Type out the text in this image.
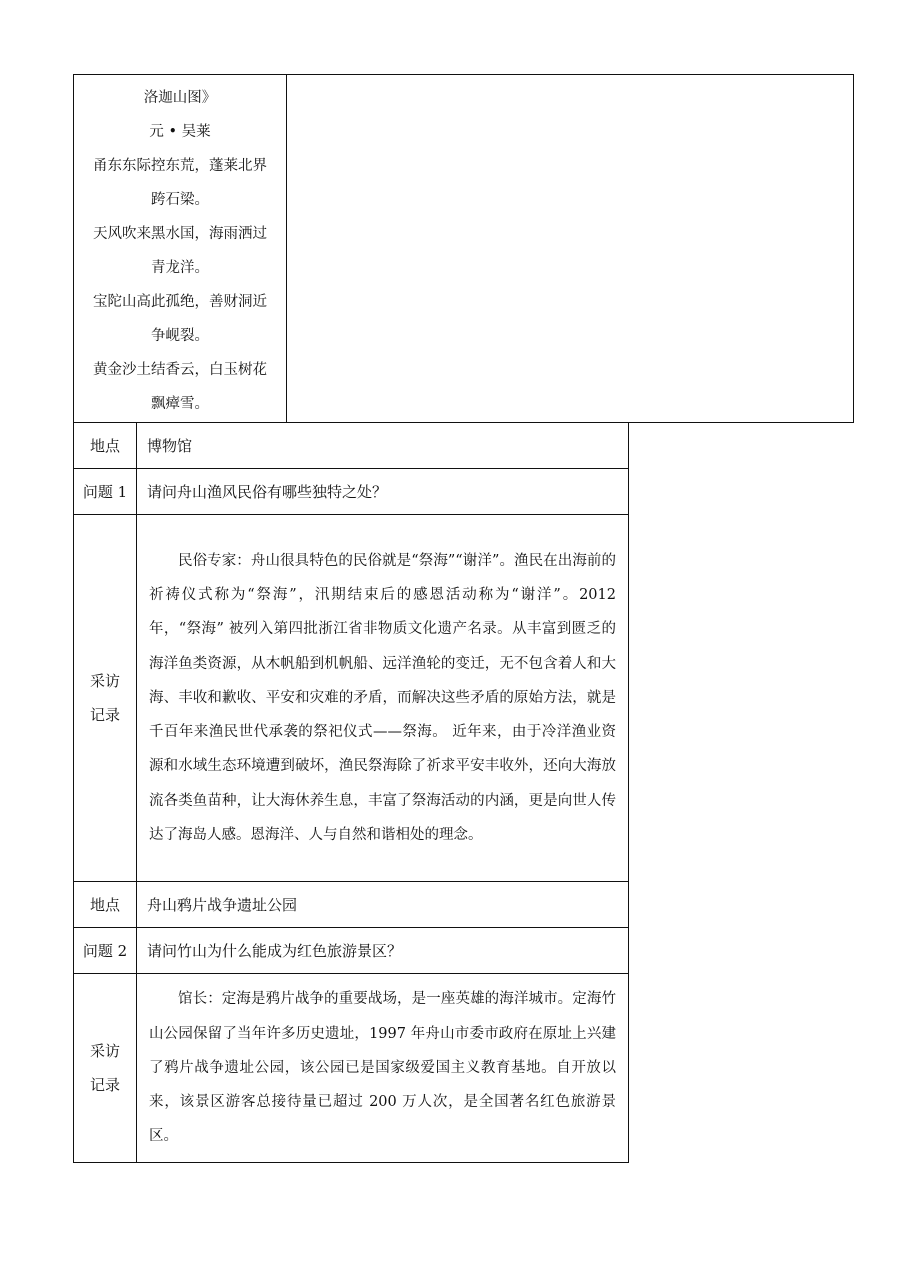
洛迦山图》
元 • 吴莱
甬东东际控东荒，蓬莱北界
跨石梁。
天风吹来黑水国，海雨洒过
青龙洋。
宝陀山高此孤绝，善财洞近
争岘裂。
黄金沙土结香云，白玉树花
飘瘴雪。
地点	博物馆
问题 1	请问舟山渔风民俗有哪些独特之处？

采访
记录	民俗专家：舟山很具特色的民俗就是“祭海”“谢洋”。渔民在出海前的祈祷仪式称为“祭海”，汛期结束后的感恩活动称为“谢洋”。2012 年，“祭海” 被列入第四批浙江省非物质文化遗产名录。从丰富到匮乏的海洋鱼类资源，从木帆船到机帆船、远洋渔轮的变迁，无不包含着人和大海、丰收和歉收、平安和灾难的矛盾，而解决这些矛盾的原始方法，就是千百年来渔民世代承袭的祭祀仪式——祭海。 近年来，由于冷洋渔业资源和水域生态环境遭到破坏，渔民祭海除了祈求平安丰收外，还向大海放流各类鱼苗种，让大海休养生息，丰富了祭海活动的内涵，更是向世人传达了海岛人感。恩海洋、人与自然和谐相处的理念。

地点	舟山鸦片战争遗址公园
问题 2	请问竹山为什么能成为红色旅游景区？

采访
记录	馆长：定海是鸦片战争的重要战场，是一座英雄的海洋城市。定海竹山公园保留了当年许多历史遗址，1997 年舟山市委市政府在原址上兴建了鸦片战争遗址公园，该公园已是国家级爱国主义教育基地。自开放以来，该景区游客总接待量已超过 200 万人次，是全国著名红色旅游景区。
